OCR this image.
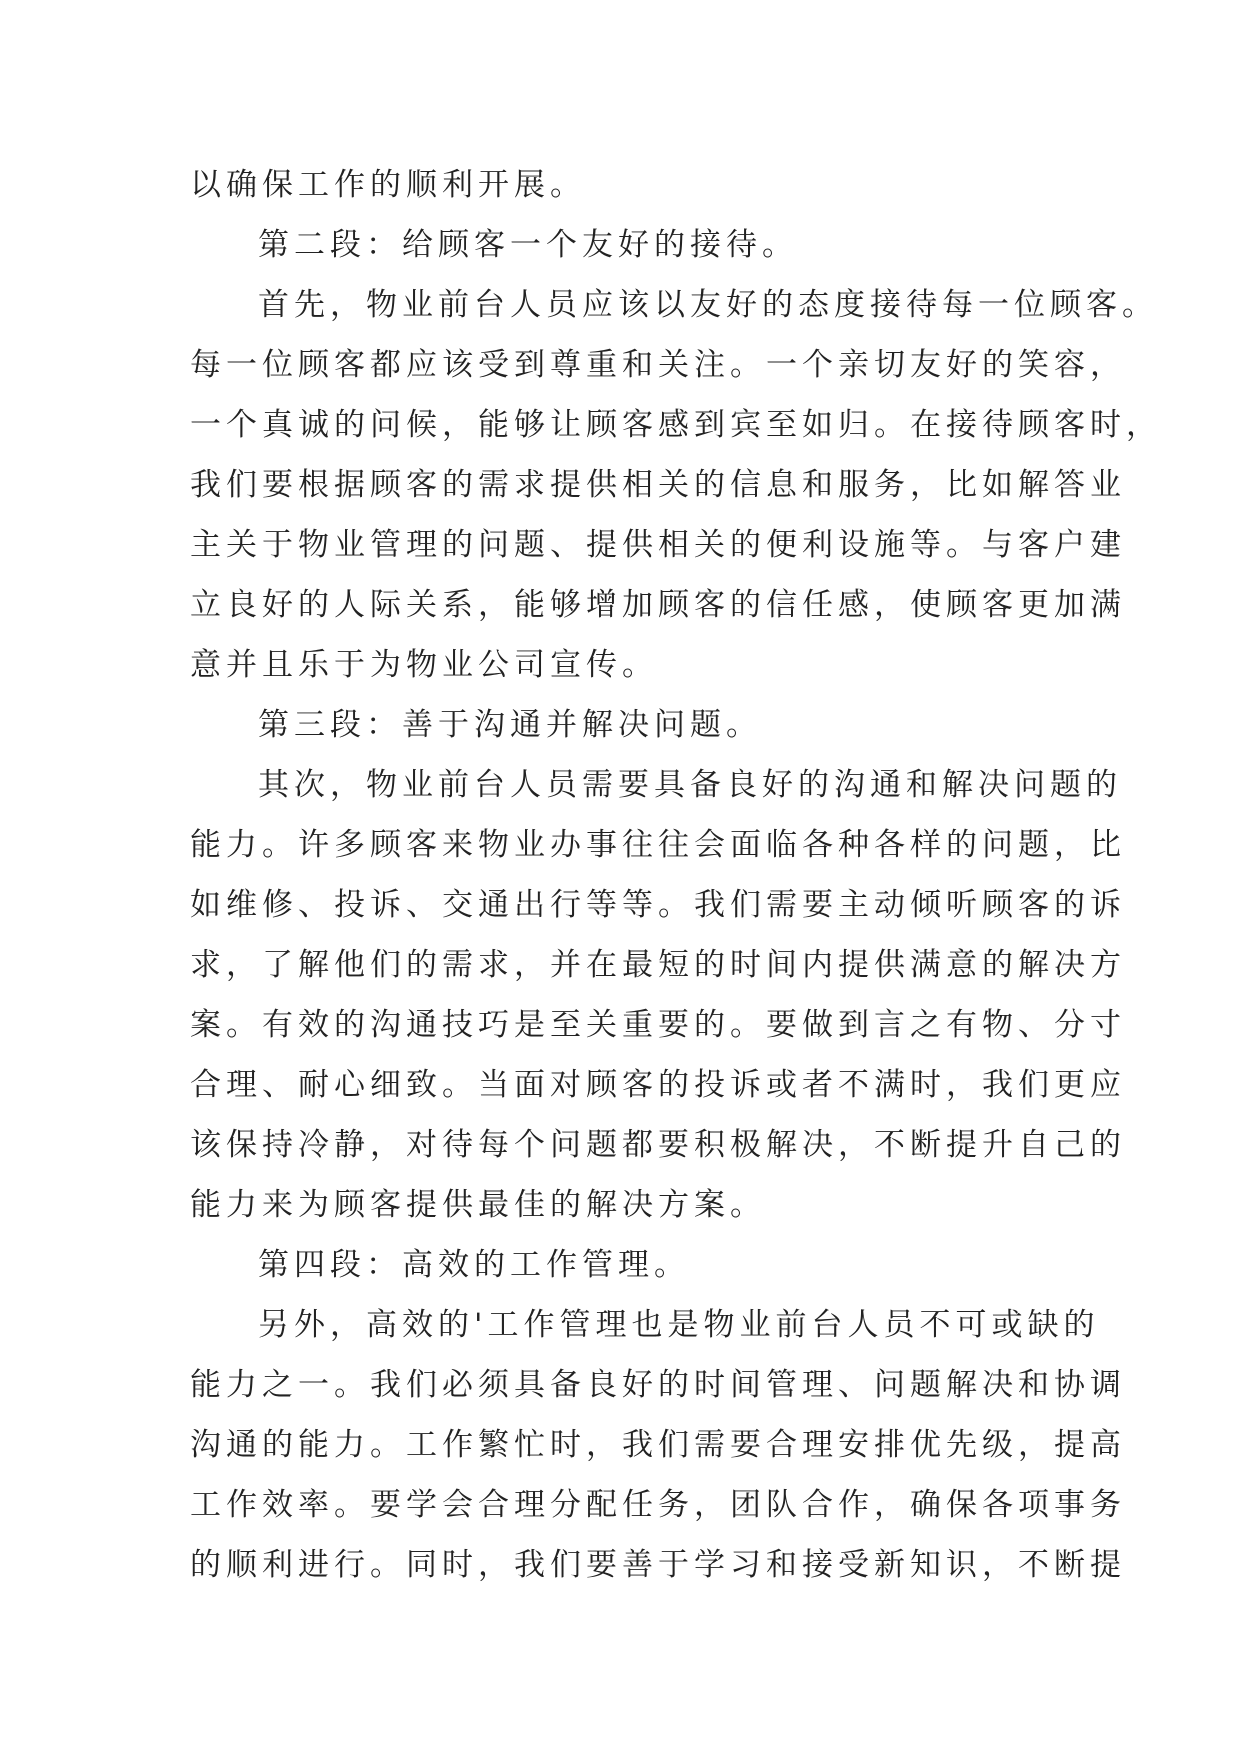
以确保工作的顺利开展。
第二段：给顾客一个友好的接待。
首先，物业前台人员应该以友好的态度接待每一位顾客。
每一位顾客都应该受到尊重和关注。一个亲切友好的笑容，
一个真诚的问候，能够让顾客感到宾至如归。在接待顾客时，
我们要根据顾客的需求提供相关的信息和服务，比如解答业
主关于物业管理的问题、提供相关的便利设施等。与客户建
立良好的人际关系，能够增加顾客的信任感，使顾客更加满
意并且乐于为物业公司宣传。
第三段：善于沟通并解决问题。
其次，物业前台人员需要具备良好的沟通和解决问题的
能力。许多顾客来物业办事往往会面临各种各样的问题，比
如维修、投诉、交通出行等等。我们需要主动倾听顾客的诉
求，了解他们的需求，并在最短的时间内提供满意的解决方
案。有效的沟通技巧是至关重要的。要做到言之有物、分寸
合理、耐心细致。当面对顾客的投诉或者不满时，我们更应
该保持冷静，对待每个问题都要积极解决，不断提升自己的
能力来为顾客提供最佳的解决方案。
第四段：高效的工作管理。
另外，高效的'工作管理也是物业前台人员不可或缺的
能力之一。我们必须具备良好的时间管理、问题解决和协调
沟通的能力。工作繁忙时，我们需要合理安排优先级，提高
工作效率。要学会合理分配任务，团队合作，确保各项事务
的顺利进行。同时，我们要善于学习和接受新知识，不断提
